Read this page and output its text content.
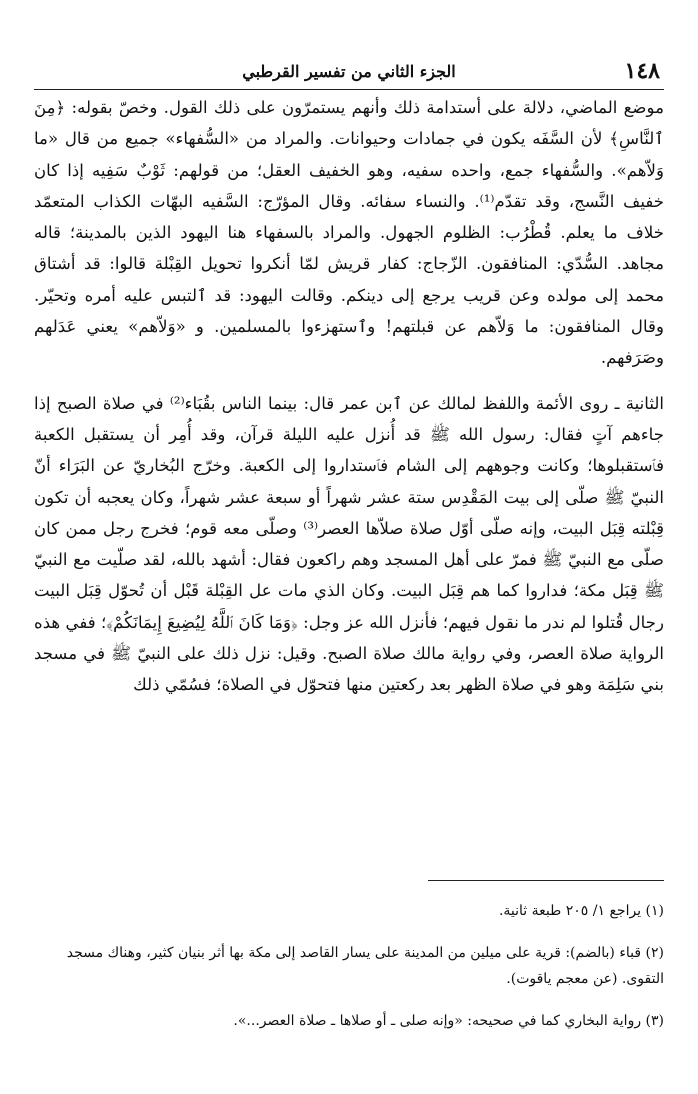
١٤٨
الجزء الثاني من تفسير القرطبي

موضع الماضي، دلالة على أستدامة ذلك وأنهم يستمرّون على ذلك القول. وخصّ بقوله: ﴿مِنَ ٱلنَّاسِ﴾ لأن السَّفَه يكون في جمادات وحيوانات. والمراد من «السُّفهاء» جميع من قال «ما وَلاّهم». والسُّفهاء جمع، واحده سفيه، وهو الخفيف العقل؛ من قولهم: ثَوْبٌ سَفِيه إذا كان خفيف النَّسج، وقد تقدّم⁽¹⁾. والنساء سفائه. وقال المؤرّج: السَّفيه البهّات الكذاب المتعمّد خلاف ما يعلم. قُطْرُب: الظلوم الجهول. والمراد بالسفهاء هنا اليهود الذين بالمدينة؛ قاله مجاهد. السُّدّي: المنافقون. الزّجاج: كفار قريش لمّا أنكروا تحويل القِبْلة قالوا: قد أشتاق محمد إلى مولده وعن قريب يرجع إلى دينكم. وقالت اليهود: قد ٱلتبس عليه أمره وتحيّر. وقال المنافقون: ما وَلاّهم عن قبلتهم! وٱستهزءوا بالمسلمين. و «وَلاّهم» يعني عَدَلهم وصَرَفهم.

الثانية ـ روى الأئمة واللفظ لمالك عن ٱبن عمر قال: بينما الناس بقُبَاء⁽²⁾ في صلاة الصبح إذا جاءهم آتٍ فقال: رسول الله ﷺ قد أُنزل عليه الليلة قرآن، وقد أُمِر أن يستقبل الكعبة فٱستقبلوها؛ وكانت وجوههم إلى الشام فٱستداروا إلى الكعبة. وخرّج البُخاريّ عن البَرَاء أنّ النبيّ ﷺ صلّى إلى بيت المَقْدِس ستة عشر شهراً أو سبعة عشر شهراً، وكان يعجبه أن تكون قِبْلته قِبَل البيت، وإنه صلّى أوّل صلاة صلاّها العصر⁽³⁾ وصلّى معه قوم؛ فخرج رجل ممن كان صلّى مع النبيّ ﷺ فمرّ على أهل المسجد وهم راكعون فقال: أشهد بالله، لقد صلّيت مع النبيّ ﷺ قِبَل مكة؛ فداروا كما هم قِبَل البيت. وكان الذي مات عل القِبْلة قَبْل أن تُحوّل قِبَل البيت رجال قُتلوا لم ندر ما نقول فيهم؛ فأنزل الله عز وجل: ﴿وَمَا كَانَ ٱللَّهُ لِيُضِيعَ إِيمَانَكُمْ﴾؛ ففي هذه الرواية صلاة العصر، وفي رواية مالك صلاة الصبح. وقيل: نزل ذلك على النبيّ ﷺ في مسجد بني سَلِمَة وهو في صلاة الظهر بعد ركعتين منها فتحوّل في الصلاة؛ فسُمّي ذلك

(١) يراجع ١/ ٢٠٥ طبعة ثانية.

(٢) قباء (بالضم): قرية على ميلين من المدينة على يسار القاصد إلى مكة بها أثر بنيان كثير، وهناك مسجد التقوى. (عن معجم ياقوت).

(٣) رواية البخاري كما في صحيحه: «وإنه صلى ـ أو صلاها ـ صلاة العصر...».
